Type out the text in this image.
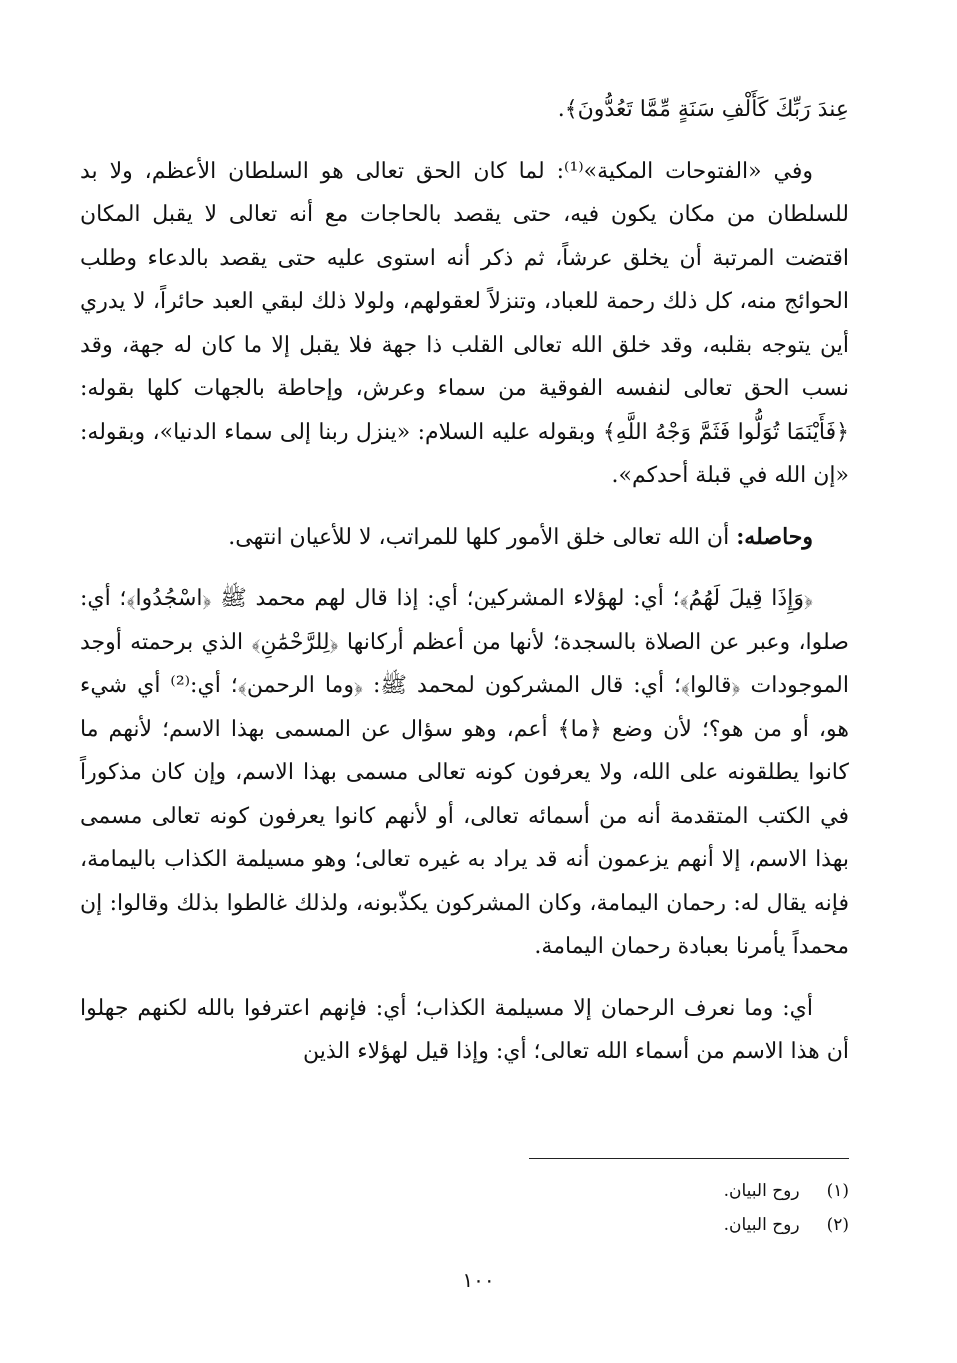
عِندَ رَبِّكَ كَأَلْفِ سَنَةٍ مِّمَّا تَعُدُّونَ﴾.

وفي «الفتوحات المكية»⁽¹⁾: لما كان الحق تعالى هو السلطان الأعظم، ولا بد للسلطان من مكان يكون فيه، حتى يقصد بالحاجات مع أنه تعالى لا يقبل المكان اقتضت المرتبة أن يخلق عرشاً، ثم ذكر أنه استوى عليه حتى يقصد بالدعاء وطلب الحوائج منه، كل ذلك رحمة للعباد، وتنزلاً لعقولهم، ولولا ذلك لبقي العبد حائراً، لا يدري أين يتوجه بقلبه، وقد خلق الله تعالى القلب ذا جهة فلا يقبل إلا ما كان له جهة، وقد نسب الحق تعالى لنفسه الفوقية من سماء وعرش، وإحاطة بالجهات كلها بقوله: ﴿فَأَيْنَمَا تُوَلُّوا فَثَمَّ وَجْهُ اللَّهِ﴾ وبقوله عليه السلام: «ينزل ربنا إلى سماء الدنيا»، وبقوله: «إن الله في قبلة أحدكم».

وحاصله: أن الله تعالى خلق الأمور كلها للمراتب، لا للأعيان انتهى.

﴿وَإِذَا قِيلَ لَهُمُ﴾؛ أي: لهؤلاء المشركين؛ أي: إذا قال لهم محمد ﷺ ﴿اسْجُدُوا﴾؛ أي: صلوا، وعبر عن الصلاة بالسجدة؛ لأنها من أعظم أركانها ﴿لِلرَّحْمَٰنِ﴾ الذي برحمته أوجد الموجودات ﴿قالوا﴾؛ أي: قال المشركون لمحمد ﷺ: ﴿وما الرحمن﴾؛ أي:⁽²⁾ أي شيء هو، أو من هو؟؛ لأن وضع ﴿ما﴾ أعم، وهو سؤال عن المسمى بهذا الاسم؛ لأنهم ما كانوا يطلقونه على الله، ولا يعرفون كونه تعالى مسمى بهذا الاسم، وإن كان مذكوراً في الكتب المتقدمة أنه من أسمائه تعالى، أو لأنهم كانوا يعرفون كونه تعالى مسمى بهذا الاسم، إلا أنهم يزعمون أنه قد يراد به غيره تعالى؛ وهو مسيلمة الكذاب باليمامة، فإنه يقال له: رحمان اليمامة، وكان المشركون يكذّبونه، ولذلك غالطوا بذلك وقالوا: إن محمداً يأمرنا بعبادة رحمان اليمامة.

أي: وما نعرف الرحمان إلا مسيلمة الكذاب؛ أي: فإنهم اعترفوا بالله لكنهم جهلوا أن هذا الاسم من أسماء الله تعالى؛ أي: وإذا قيل لهؤلاء الذين

(١) روح البيان.
(٢) روح البيان.
١٠٠
